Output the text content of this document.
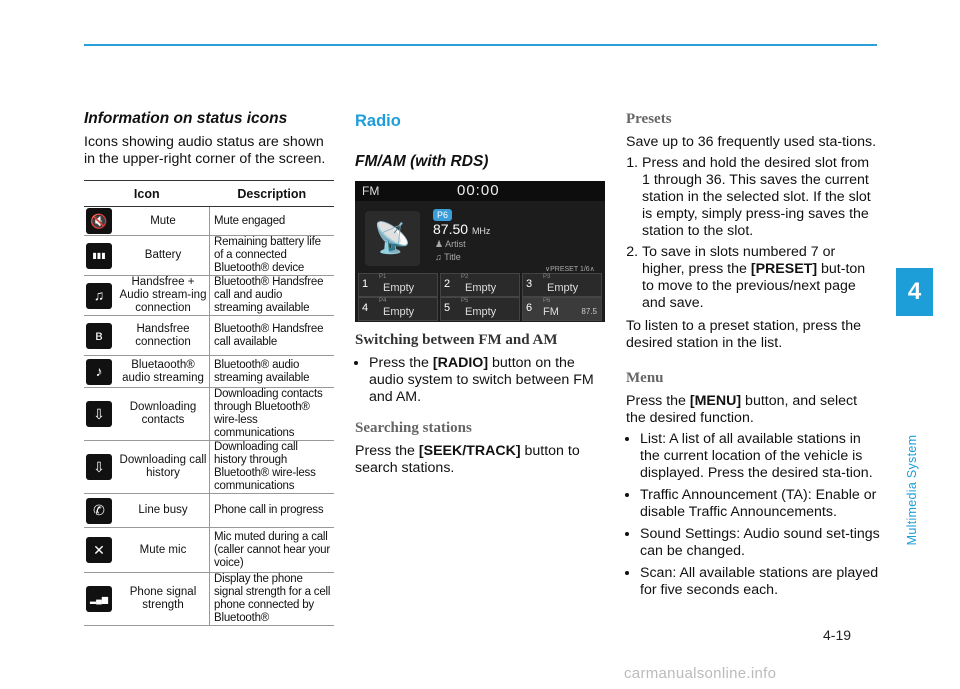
4
Multimedia System
Information on status icons

Icons showing audio status are shown in the upper-right corner of the screen.

Icon		Description

🔇	Mute	Mute engaged

▮▮▮	Battery	Remaining battery life of a connected Bluetooth® device

♫	Handsfree + Audio stream-ing connection	Bluetooth® Handsfree call and audio streaming available

ʙ	Handsfree connection	Bluetooth® Handsfree call available

♪	Bluetaooth® audio streaming	Bluetooth® audio streaming available

⇩	Downloading contacts	Downloading contacts through Bluetooth® wire-less communications

⇩	Downloading call history	Downloading call history through Bluetooth® wire-less communications

✆	Line busy	Phone call in progress

✕	Mute mic	Mic muted during a call (caller cannot hear your voice)

▂▄▆	Phone signal strength	Display the phone signal strength for a cell phone connected by Bluetooth®
Radio
FM/AM (with RDS)
FM	00:00
📡
P6
87.50 MHz
♟ Artist
♫ Title
∨PRESET 1/6∧
1
P1
Empty	2
P2
Empty	3
P3
Empty
4
P4
Empty	5
P5
Empty	6
P6
FM	87.5
Switching between FM and AM
• Press the [RADIO] button on the audio system to switch between FM and AM.
Searching stations

Press the [SEEK/TRACK] button to search stations.

Presets

Save up to 36 frequently used sta-tions.

1. Press and hold the desired slot from 1 through 36. This saves the current station in the selected slot. If the slot is empty, simply press-ing saves the station to the slot.
2. To save in slots numbered 7 or higher, press the [PRESET] but-ton to move to the previous/next page and save.

To listen to a preset station, press the desired station in the list.

Menu

Press the [MENU] button, and select the desired function.

• List: A list of all available stations in the current location of the vehicle is displayed. Press the desired sta-tion.
• Traffic Announcement (TA): Enable or disable Traffic Announcements.
• Sound Settings: Audio sound set-tings can be changed.
• Scan: All available stations are played for five seconds each.
4-19
carmanualsonline.info
